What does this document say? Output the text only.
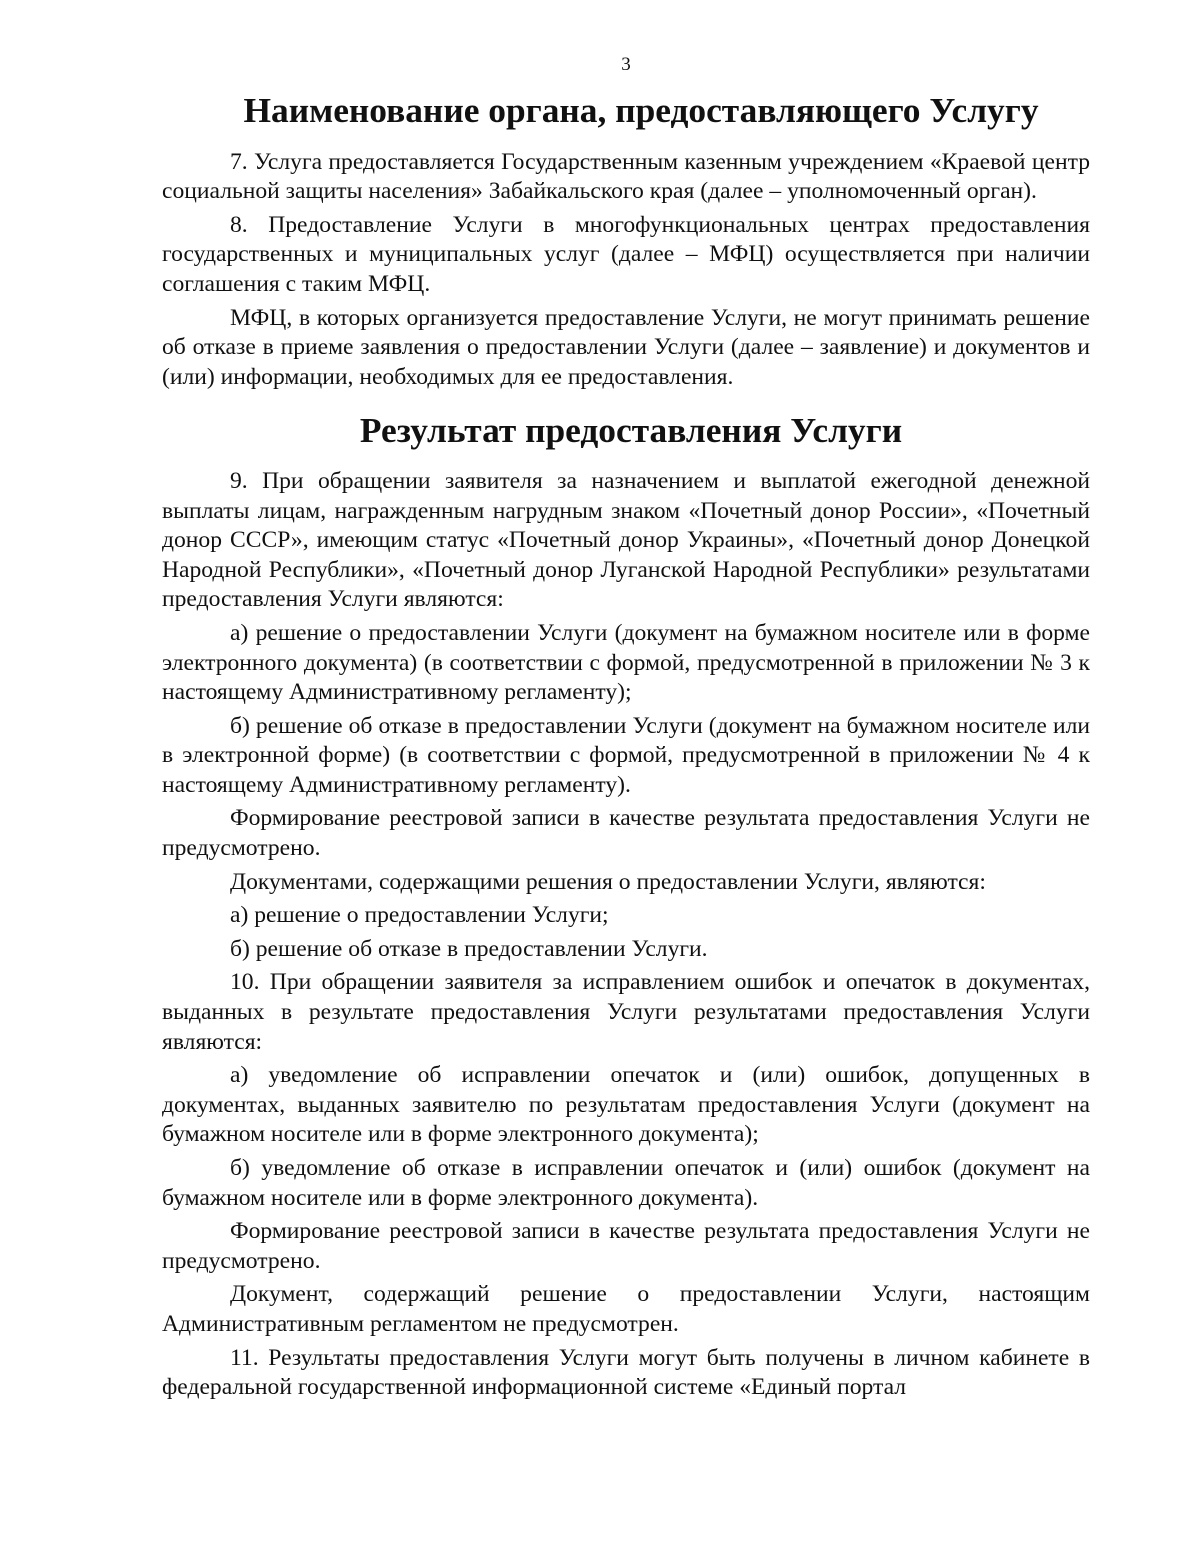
3
Наименование органа, предоставляющего Услугу

7. Услуга предоставляется Государственным казенным учреждением «Краевой центр социальной защиты населения» Забайкальского края (далее – уполномоченный орган).

8. Предоставление Услуги в многофункциональных центрах предоставления государственных и муниципальных услуг (далее – МФЦ) осуществляется при наличии соглашения с таким МФЦ.

МФЦ, в которых организуется предоставление Услуги, не могут принимать решение об отказе в приеме заявления о предоставлении Услуги (далее – заявление) и документов и (или) информации, необходимых для ее предоставления.

Результат предоставления Услуги

9. При обращении заявителя за назначением и выплатой ежегодной денежной выплаты лицам, награжденным нагрудным знаком «Почетный донор России», «Почетный донор СССР», имеющим статус «Почетный донор Украины», «Почетный донор Донецкой Народной Республики», «Почетный донор Луганской Народной Республики» результатами предоставления Услуги являются:

а) решение о предоставлении Услуги (документ на бумажном носителе или в форме электронного документа) (в соответствии с формой, предусмотренной в приложении № 3 к настоящему Административному регламенту);

б) решение об отказе в предоставлении Услуги (документ на бумажном носителе или в электронной форме) (в соответствии с формой, предусмотренной в приложении № 4 к настоящему Административному регламенту).

Формирование реестровой записи в качестве результата предоставления Услуги не предусмотрено.

Документами, содержащими решения о предоставлении Услуги, являются:

а) решение о предоставлении Услуги;

б) решение об отказе в предоставлении Услуги.

10. При обращении заявителя за исправлением ошибок и опечаток в документах, выданных в результате предоставления Услуги результатами предоставления Услуги являются:

а) уведомление об исправлении опечаток и (или) ошибок, допущенных в документах, выданных заявителю по результатам предоставления Услуги (документ на бумажном носителе или в форме электронного документа);

б) уведомление об отказе в исправлении опечаток и (или) ошибок (документ на бумажном носителе или в форме электронного документа).

Формирование реестровой записи в качестве результата предоставления Услуги не предусмотрено.

Документ, содержащий решение о предоставлении Услуги, настоящим Административным регламентом не предусмотрен.

11. Результаты предоставления Услуги могут быть получены в личном кабинете в федеральной государственной информационной системе «Единый портал
